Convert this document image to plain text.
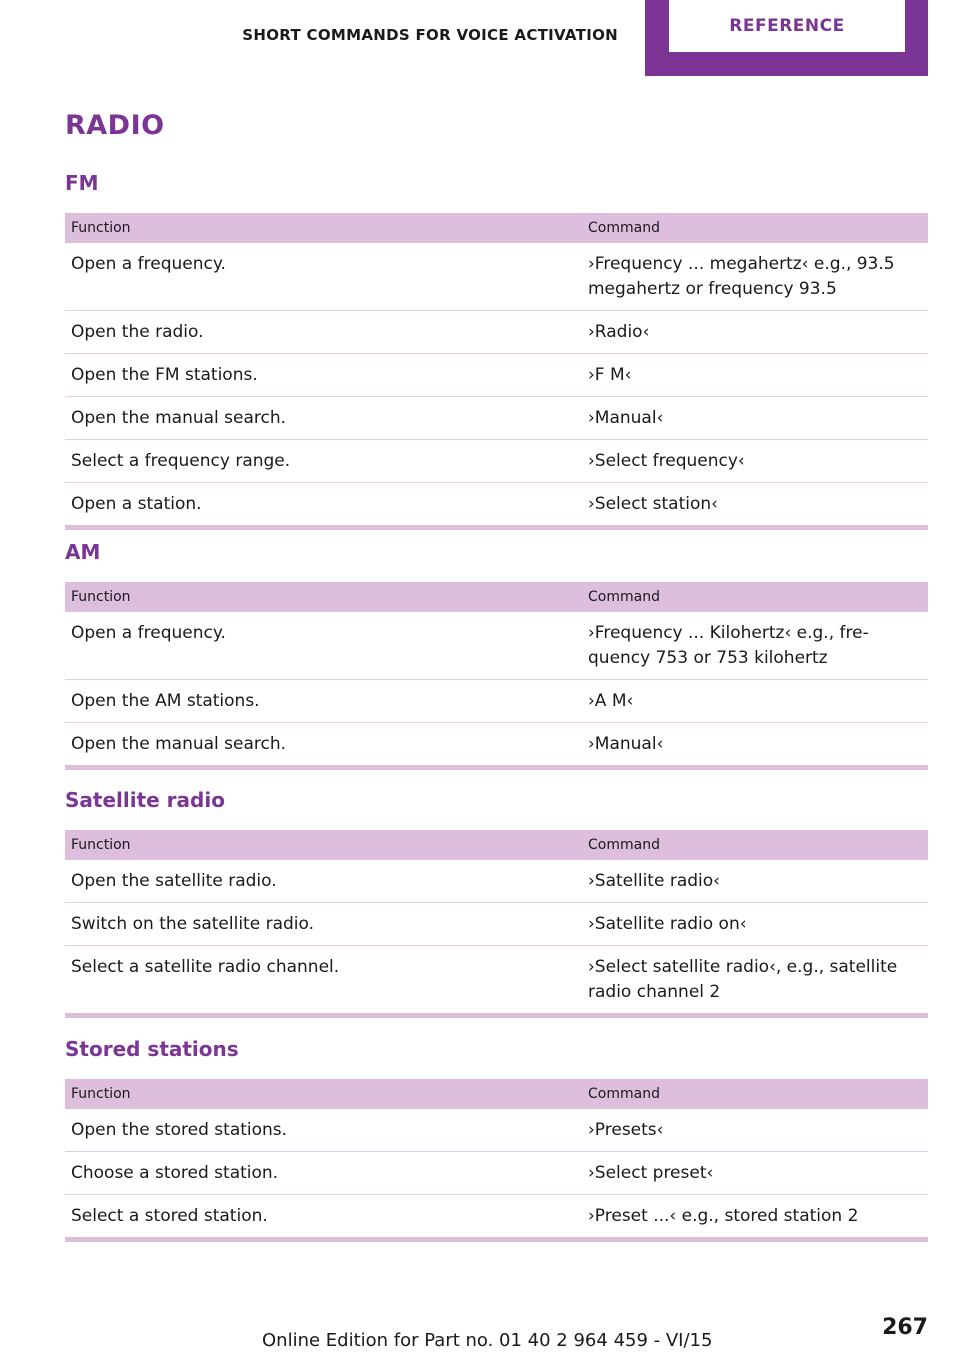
SHORT COMMANDS FOR VOICE ACTIVATION	REFERENCE
RADIO
FM
Function	Command
Open a frequency.	›Frequency ... megahertz‹ e.g., 93.5 megahertz or frequency 93.5
Open the radio.	›Radio‹
Open the FM stations.	›F M‹
Open the manual search.	›Manual‹
Select a frequency range.	›Select frequency‹
Open a station.	›Select station‹
AM
Function	Command
Open a frequency.	›Frequency ... Kilohertz‹ e.g., fre-quency 753 or 753 kilohertz
Open the AM stations.	›A M‹
Open the manual search.	›Manual‹
Satellite radio
Function	Command
Open the satellite radio.	›Satellite radio‹
Switch on the satellite radio.	›Satellite radio on‹
Select a satellite radio channel.	›Select satellite radio‹, e.g., satellite radio channel 2
Stored stations
Function	Command
Open the stored stations.	›Presets‹
Choose a stored station.	›Select preset‹
Select a stored station.	›Preset ...‹ e.g., stored station 2
Online Edition for Part no. 01 40 2 964 459 - VI/15
267
